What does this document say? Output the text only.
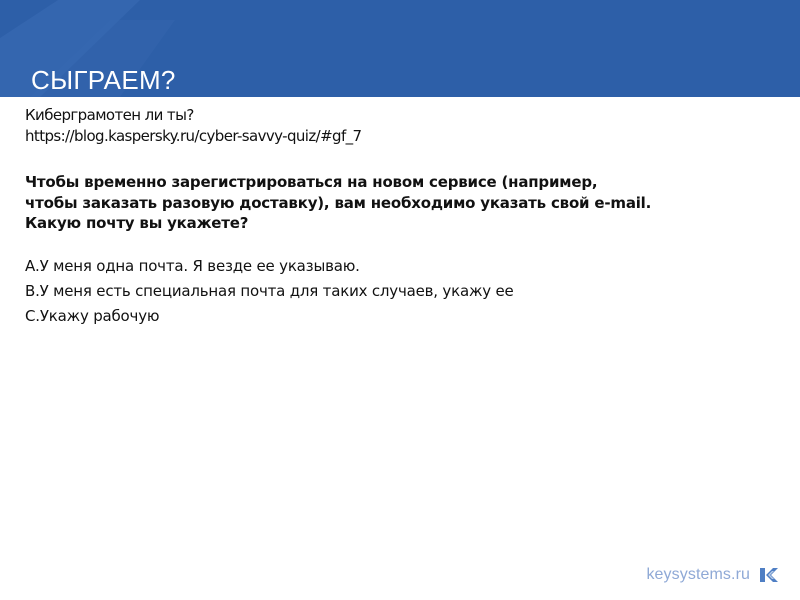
СЫГРАЕМ?

Киберграмотен ли ты?

https://blog.kaspersky.ru/cyber-savvy-quiz/#gf_7

Чтобы временно зарегистрироваться на новом сервисе (например,
чтобы заказать разовую доставку), вам необходимо указать свой e-mail.
Какую почту вы укажете?

А.У меня одна почта. Я везде ее указываю.
В.У меня есть специальная почта для таких случаев, укажу ее
С.Укажу рабочую
keysystems.ru
